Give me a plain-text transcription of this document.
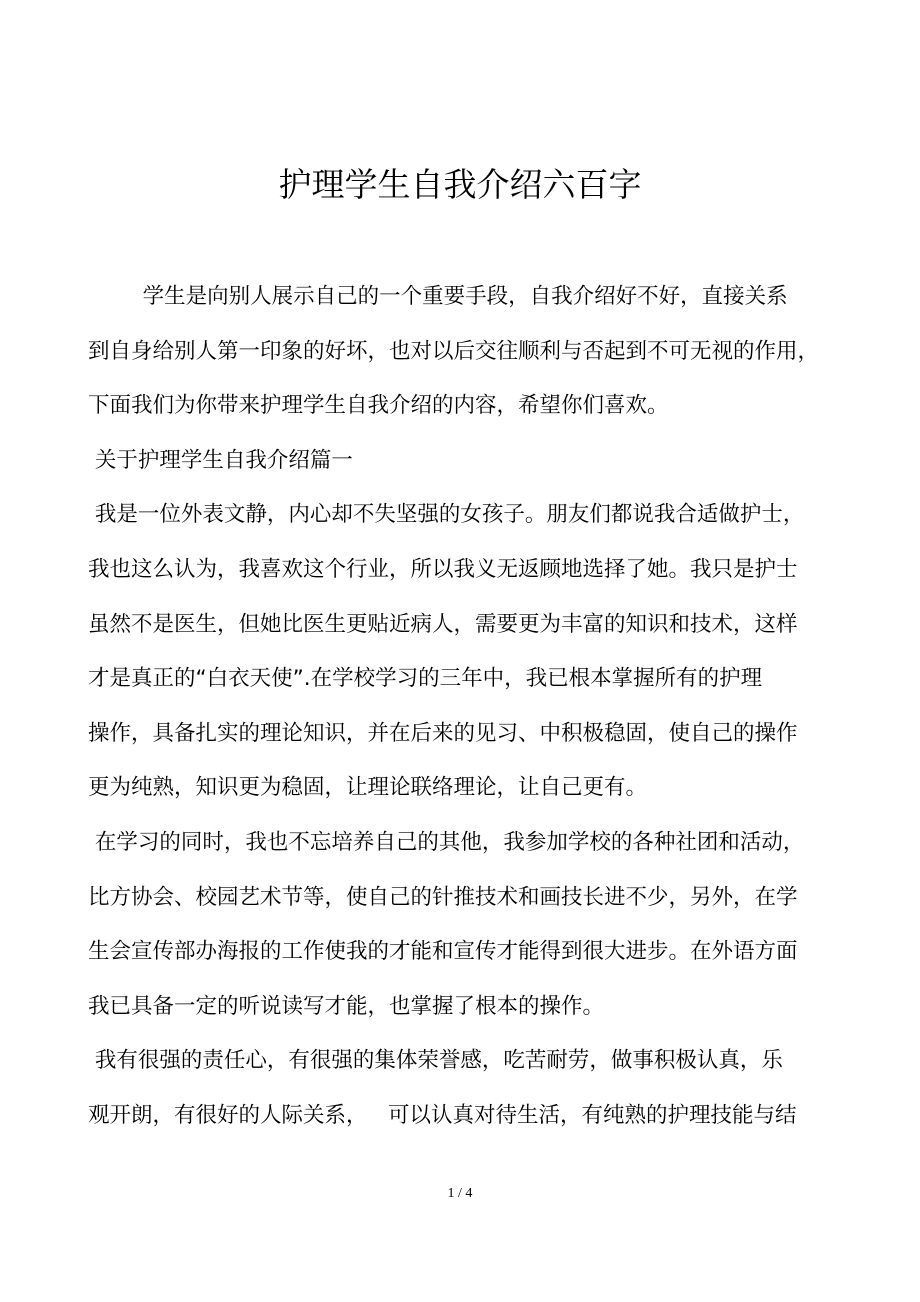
护理学生自我介绍六百字

学生是向别人展示自己的一个重要手段，自我介绍好不好，直接关系

到自身给别人第一印象的好坏，也对以后交往顺利与否起到不可无视的作用，

下面我们为你带来护理学生自我介绍的内容，希望你们喜欢。

关于护理学生自我介绍篇一

我是一位外表文静，内心却不失坚强的女孩子。朋友们都说我合适做护士，

我也这么认为，我喜欢这个行业，所以我义无返顾地选择了她。我只是护士

虽然不是医生，但她比医生更贴近病人，需要更为丰富的知识和技术，这样

才是真正的“白衣天使”.在学校学习的三年中，我已根本掌握所有的护理

操作，具备扎实的理论知识，并在后来的见习、中积极稳固，使自己的操作

更为纯熟，知识更为稳固，让理论联络理论，让自己更有。

在学习的同时，我也不忘培养自己的其他，我参加学校的各种社团和活动，

比方协会、校园艺术节等，使自己的针推技术和画技长进不少，另外，在学

生会宣传部办海报的工作使我的才能和宣传才能得到很大进步。在外语方面

我已具备一定的听说读写才能，也掌握了根本的操作。

我有很强的责任心，有很强的集体荣誉感，吃苦耐劳，做事积极认真，乐

观开朗，有很好的人际关系，   可以认真对待生活，有纯熟的护理技能与结

1 / 4
